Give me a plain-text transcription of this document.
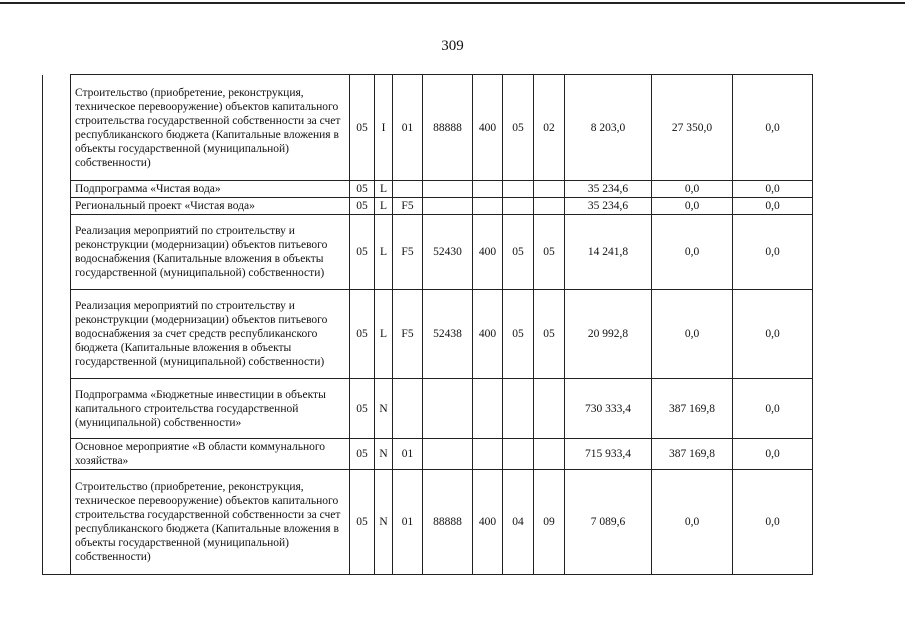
309
	Строительство (приобретение, реконструкция, техническое перевооружение) объектов капитального строительства государственной собственности за счет республиканского бюджета (Капитальные вложения в объекты государственной (муниципальной) собственности)	05	I	01	88888	400	05	02	8 203,0	27 350,0	0,0
	Подпрограмма «Чистая вода»	05	L						35 234,6	0,0	0,0
	Региональный проект «Чистая вода»	05	L	F5					35 234,6	0,0	0,0
	Реализация мероприятий по строительству и реконструкции (модернизации) объектов питьевого водоснабжения (Капитальные вложения в объекты государственной (муниципальной) собственности)	05	L	F5	52430	400	05	05	14 241,8	0,0	0,0
	Реализация мероприятий по строительству и реконструкции (модернизации) объектов питьевого водоснабжения за счет средств республиканского бюджета (Капитальные вложения в объекты государственной (муниципальной) собственности)	05	L	F5	52438	400	05	05	20 992,8	0,0	0,0
	Подпрограмма «Бюджетные инвестиции в объекты капитального строительства государственной (муниципальной) собственности»	05	N						730 333,4	387 169,8	0,0
	Основное мероприятие «В области коммунального хозяйства»	05	N	01					715 933,4	387 169,8	0,0
	Строительство (приобретение, реконструкция, техническое перевооружение) объектов капитального строительства государственной собственности за счет республиканского бюджета (Капитальные вложения в объекты государственной (муниципальной) собственности)	05	N	01	88888	400	04	09	7 089,6	0,0	0,0
